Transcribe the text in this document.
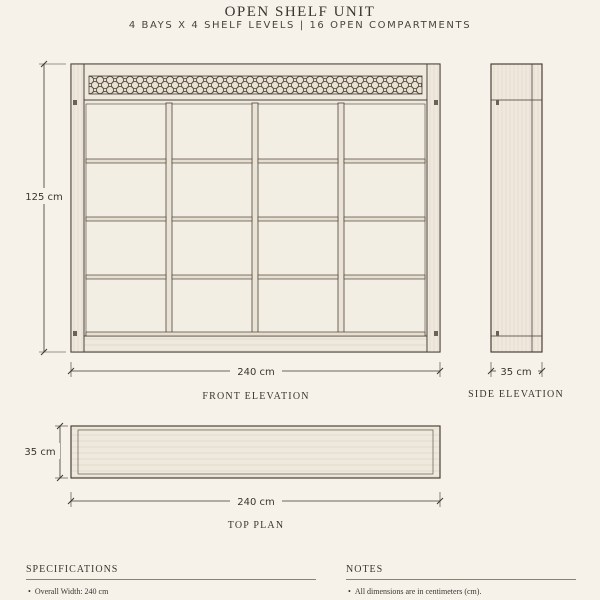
OPEN SHELF UNIT
4 BAYS X 4 SHELF LEVELS | 16 OPEN COMPARTMENTS
125 cm
240 cm
FRONT ELEVATION
35 cm
SIDE ELEVATION
35 cm
240 cm
TOP PLAN
SPECIFICATIONS
• Overall Width: 240 cm
NOTES
• All dimensions are in centimeters (cm).
